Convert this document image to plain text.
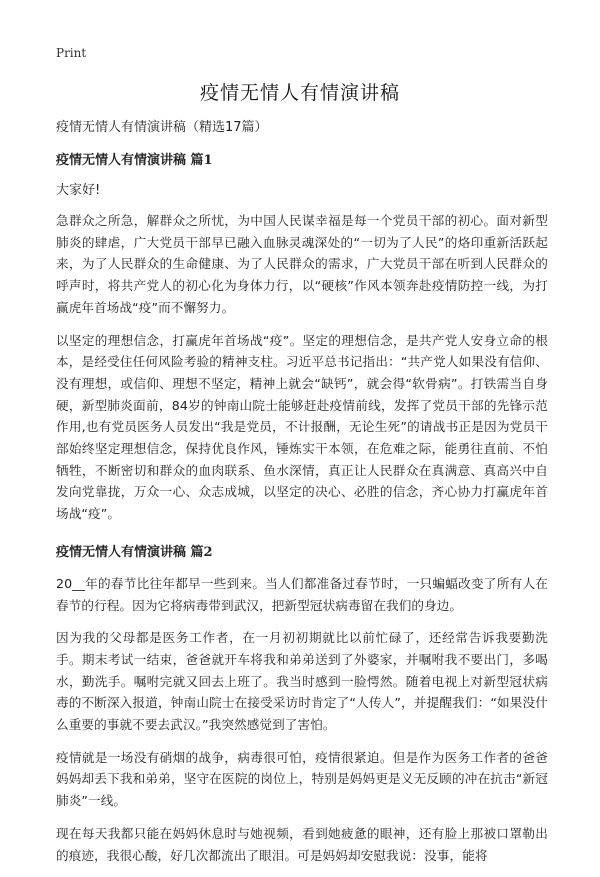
Print
疫情无情人有情演讲稿

疫情无情人有情演讲稿（精选17篇）

疫情无情人有情演讲稿 篇1

大家好!

急群众之所急，解群众之所忧，为中国人民谋幸福是每一个党员干部的初心。面对新型肺炎的肆虐，广大党员干部早已融入血脉灵魂深处的“一切为了人民”的烙印重新活跃起来，为了人民群众的生命健康、为了人民群众的需求，广大党员干部在听到人民群众的呼声时，将共产党人的初心化为身体力行，以“硬核”作风本领奔赴疫情防控一线，为打赢虎年首场战“疫”而不懈努力。

以坚定的理想信念，打赢虎年首场战“疫”。坚定的理想信念，是共产党人安身立命的根本，是经受住任何风险考验的精神支柱。习近平总书记指出：“共产党人如果没有信仰、没有理想，或信仰、理想不坚定，精神上就会“缺钙”，就会得“软骨病”。打铁需当自身硬，新型肺炎面前，84岁的钟南山院士能够赶赴疫情前线，发挥了党员干部的先锋示范作用,也有党员医务人员发出“我是党员，不计报酬，无论生死”的请战书正是因为党员干部始终坚定理想信念，保持优良作风，锤炼实干本领，在危难之际，能勇往直前、不怕牺牲，不断密切和群众的血肉联系、鱼水深情，真正让人民群众在真满意、真高兴中自发向党靠拢，万众一心、众志成城，以坚定的决心、必胜的信念，齐心协力打赢虎年首场战“疫”。

疫情无情人有情演讲稿 篇2

20__年的春节比往年都早一些到来。当人们都准备过春节时，一只蝙蝠改变了所有人在春节的行程。因为它将病毒带到武汉，把新型冠状病毒留在我们的身边。

因为我的父母都是医务工作者，在一月初初期就比以前忙碌了，还经常告诉我要勤洗手。期末考试一结束，爸爸就开车将我和弟弟送到了外婆家，并嘱咐我不要出门，多喝水，勤洗手。嘱咐完就又回去上班了。我当时感到一脸愕然。随着电视上对新型冠状病毒的不断深入报道，钟南山院士在接受采访时肯定了“人传人”，并提醒我们：“如果没什么重要的事就不要去武汉。”我突然感觉到了害怕。

疫情就是一场没有硝烟的战争，病毒很可怕，疫情很紧迫。但是作为医务工作者的爸爸妈妈却丢下我和弟弟，坚守在医院的岗位上，特别是妈妈更是义无反顾的冲在抗击“新冠肺炎”一线。

现在每天我都只能在妈妈休息时与她视频，看到她疲惫的眼神，还有脸上那被口罩勒出的痕迹，我很心酸，好几次都流出了眼泪。可是妈妈却安慰我说：没事，能将
